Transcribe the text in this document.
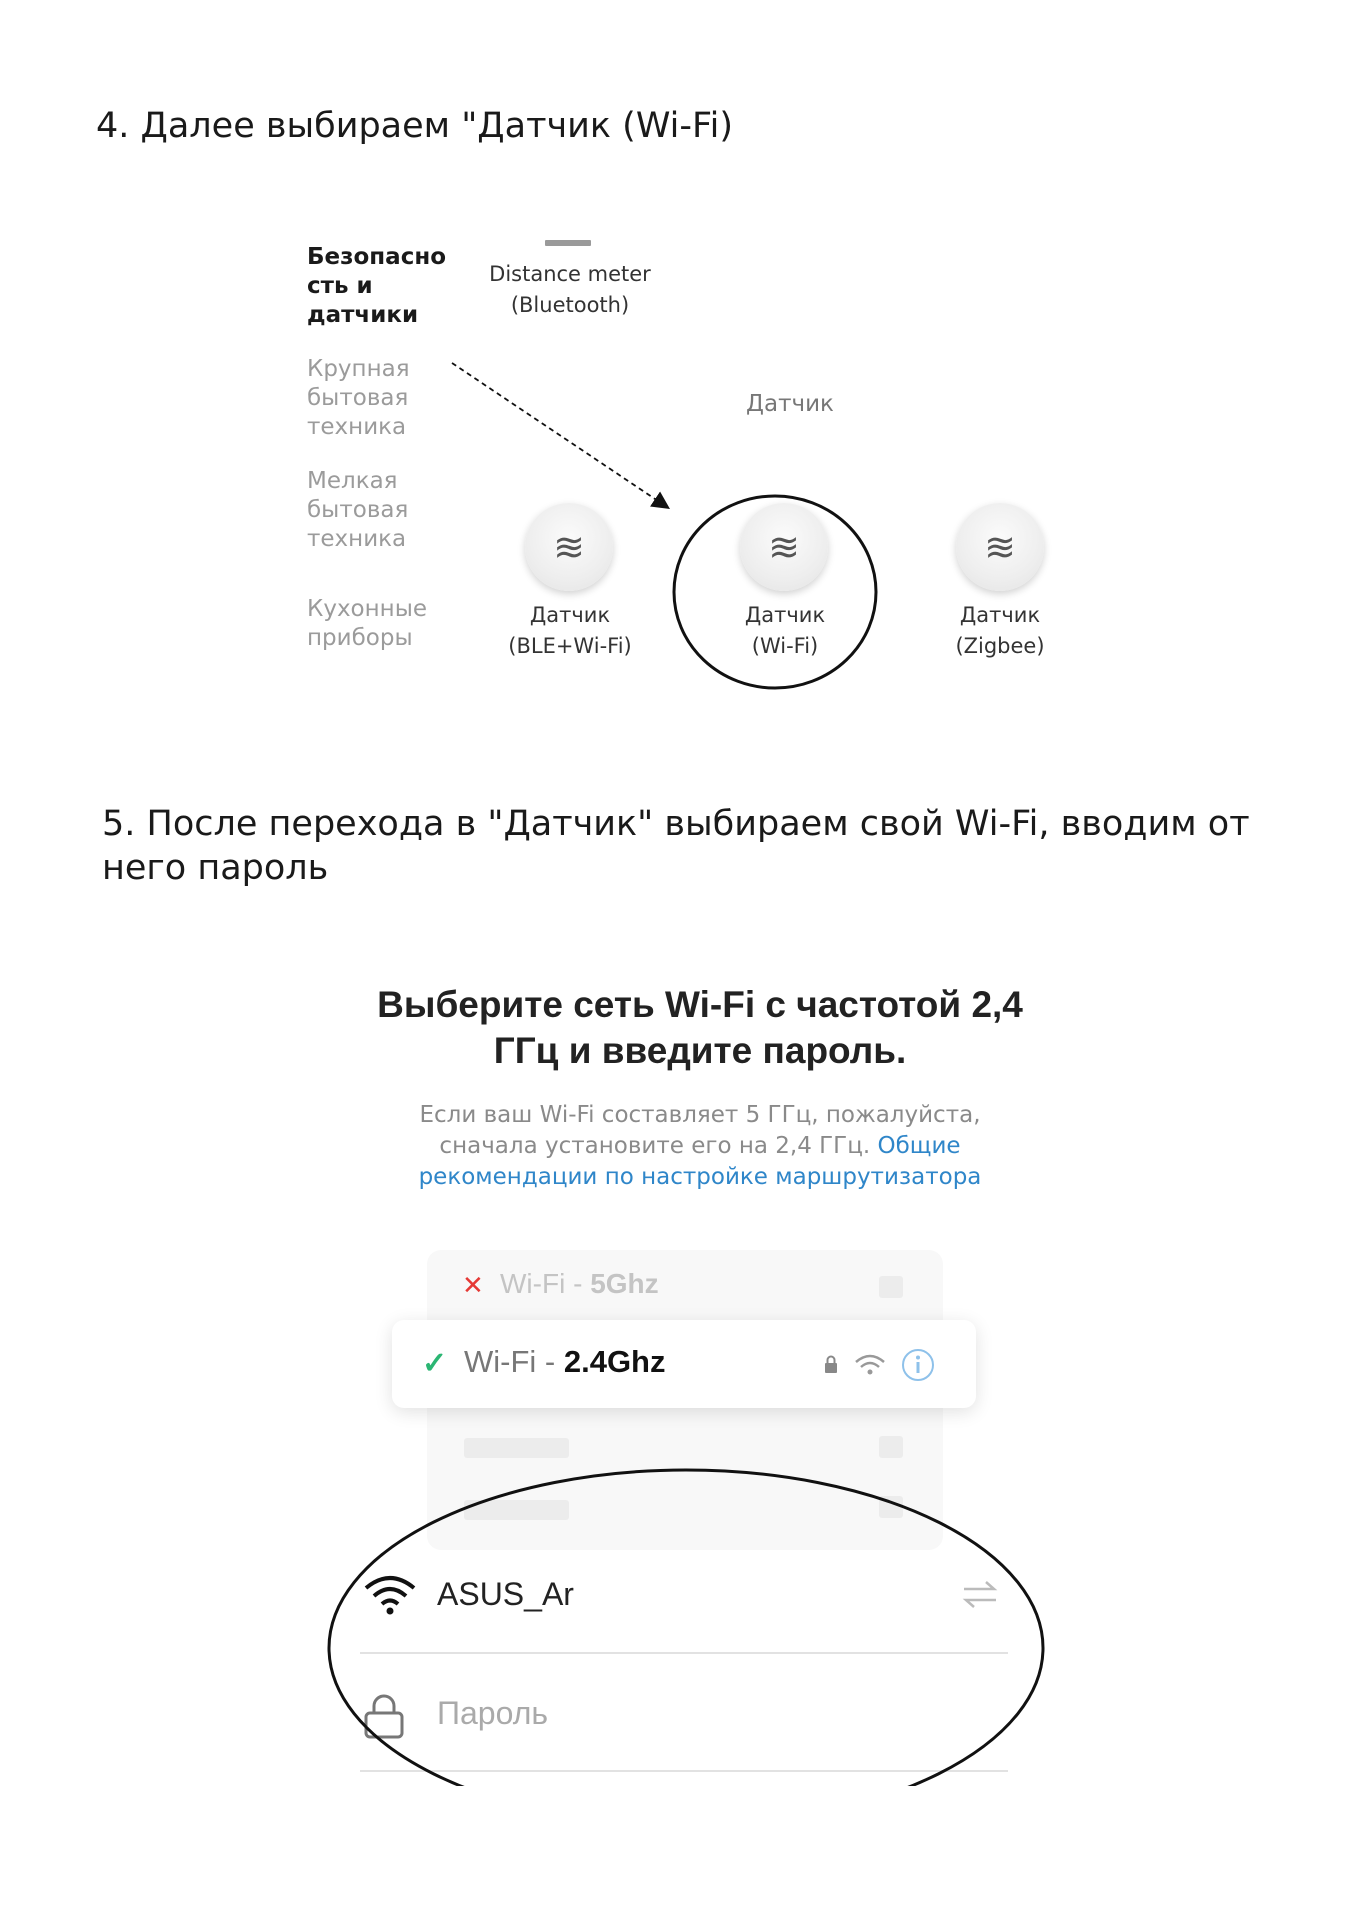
4. Далее выбираем "Датчик (Wi-Fi)
Безопасно
сть и
датчики
Крупная
бытовая
техника
Мелкая
бытовая
техника
Кухонные
приборы
Distance meter
(Bluetooth)
Датчик
≋
Датчик
(BLE+Wi-Fi)
≋
Датчик
(Wi-Fi)
≋
Датчик
(Zigbee)
5. После перехода в "Датчик" выбираем свой Wi-Fi, вводим от него пароль
Выберите сеть Wi-Fi с частотой 2,4
ГГц и введите пароль.
Если ваш Wi-Fi составляет 5 ГГц, пожалуйста,
сначала установите его на 2,4 ГГц. Общие
рекомендации по настройке маршрутизатора
✕ Wi-Fi - 5Ghz
✓ Wi-Fi - 2.4Ghz
ASUS_Ar
Пароль
